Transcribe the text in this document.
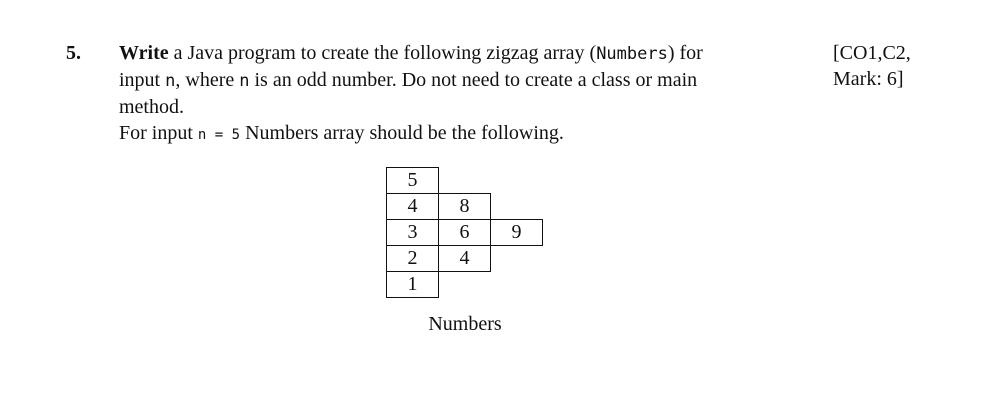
5. Write a Java program to create the following zigzag array (Numbers) for

input n, where n is an odd number. Do not need to create a class or main

method.

For input n = 5 Numbers array should be the following.

[CO1,C2,
Mark: 6]
5
4
3
2
1
8
6
4
9
Numbers
